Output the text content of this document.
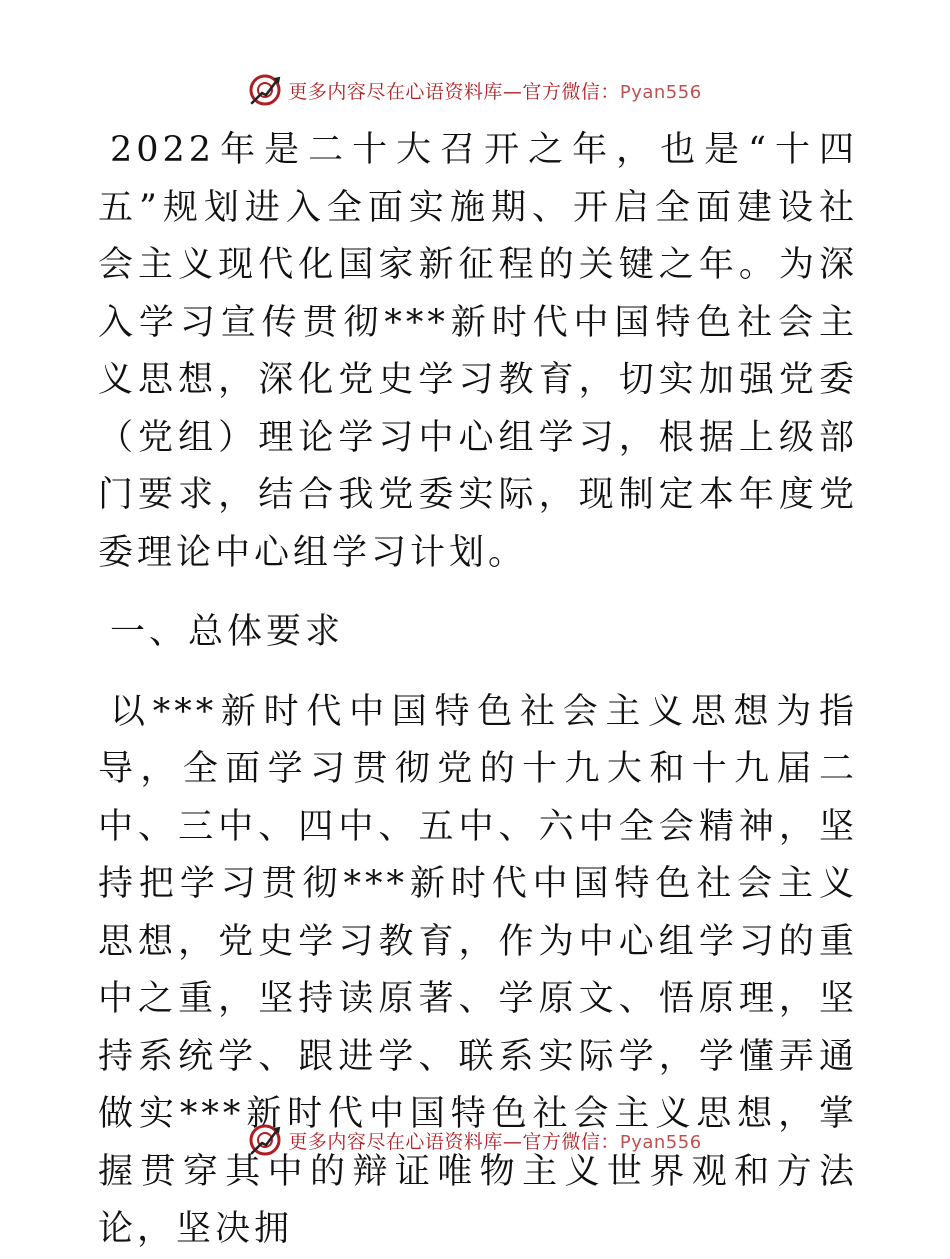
更多内容尽在心语资料库—官方微信：Pyan556

2022年是二十大召开之年，也是“十四五”规划进入全面实施期、开启全面建设社会主义现代化国家新征程的关键之年。为深入学习宣传贯彻***新时代中国特色社会主义思想，深化党史学习教育，切实加强党委（党组）理论学习中心组学习，根据上级部门要求，结合我党委实际，现制定本年度党委理论中心组学习计划。

一、总体要求

以***新时代中国特色社会主义思想为指导，全面学习贯彻党的十九大和十九届二中、三中、四中、五中、六中全会精神，坚持把学习贯彻***新时代中国特色社会主义思想，党史学习教育，作为中心组学习的重中之重，坚持读原著、学原文、悟原理，坚持系统学、跟进学、联系实际学，学懂弄通做实***新时代中国特色社会主义思想，掌握贯穿其中的辩证唯物主义世界观和方法论，坚决拥

更多内容尽在心语资料库—官方微信：Pyan556
